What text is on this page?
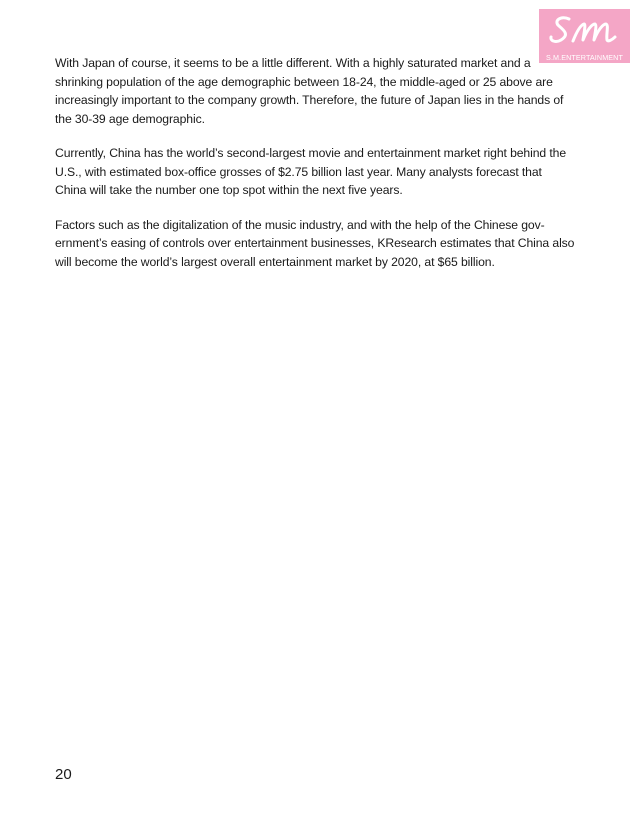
S.M.ENTERTAINMENT

With Japan of course, it seems to be a little different. With a highly saturated market and a shrinking population of the age demographic between 18-24, the middle-aged or 25 above are increasingly important to the company growth. Therefore, the future of Japan lies in the hands of the 30-39 age demographic.

Currently, China has the world’s second-largest movie and entertainment market right behind the U.S., with estimated box-office grosses of $2.75 billion last year. Many analysts forecast that China will take the number one top spot within the next five years.

Factors such as the digitalization of the music industry, and with the help of the Chinese gov- ernment’s easing of controls over entertainment businesses, KResearch estimates that China also will become the world’s largest overall entertainment market by 2020, at $65 billion.

20
